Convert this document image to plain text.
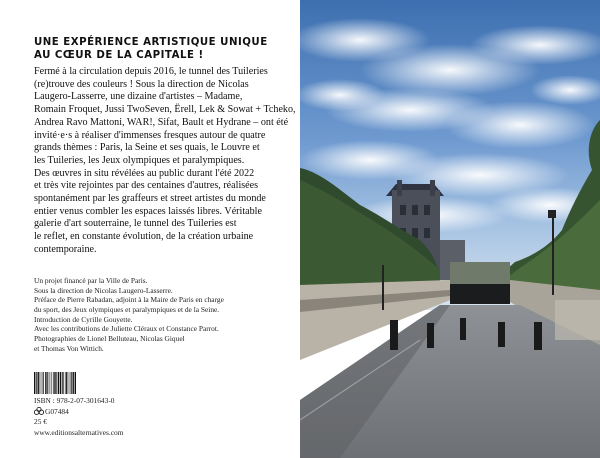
UNE EXPÉRIENCE ARTISTIQUE UNIQUE
AU CŒUR DE LA CAPITALE !

Fermé à la circulation depuis 2016, le tunnel des Tuileries
(re)trouve des couleurs ! Sous la direction de Nicolas
Laugero-Lasserre, une dizaine d'artistes – Madame,
Romain Froquet, Jussi TwoSeven, Ërell, Lek & Sowat + Tcheko,
Andrea Ravo Mattoni, WAR!, Sifat, Bault et Hydrane – ont été
invité·e·s à réaliser d'immenses fresques autour de quatre
grands thèmes : Paris, la Seine et ses quais, le Louvre et
les Tuileries, les Jeux olympiques et paralympiques.
Des œuvres in situ révélées au public durant l'été 2022
et très vite rejointes par des centaines d'autres, réalisées
spontanément par les graffeurs et street artistes du monde
entier venus combler les espaces laissés libres. Véritable
galerie d'art souterraine, le tunnel des Tuileries est
le reflet, en constante évolution, de la création urbaine
contemporaine.

Un projet financé par la Ville de Paris.
Sous la direction de Nicolas Laugero-Lasserre.
Préface de Pierre Rabadan, adjoint à la Maire de Paris en charge
du sport, des Jeux olympiques et paralympiques et de la Seine.
Introduction de Cyrille Gouyette.
Avec les contributions de Juliette Cléraux et Constance Parrot.
Photographies de Lionel Belluteau, Nicolas Giquel
et Thomas Von Wittich.

ISBN : 978-2-07-301643-0
G07484
25 €
www.editionsalternatives.com
